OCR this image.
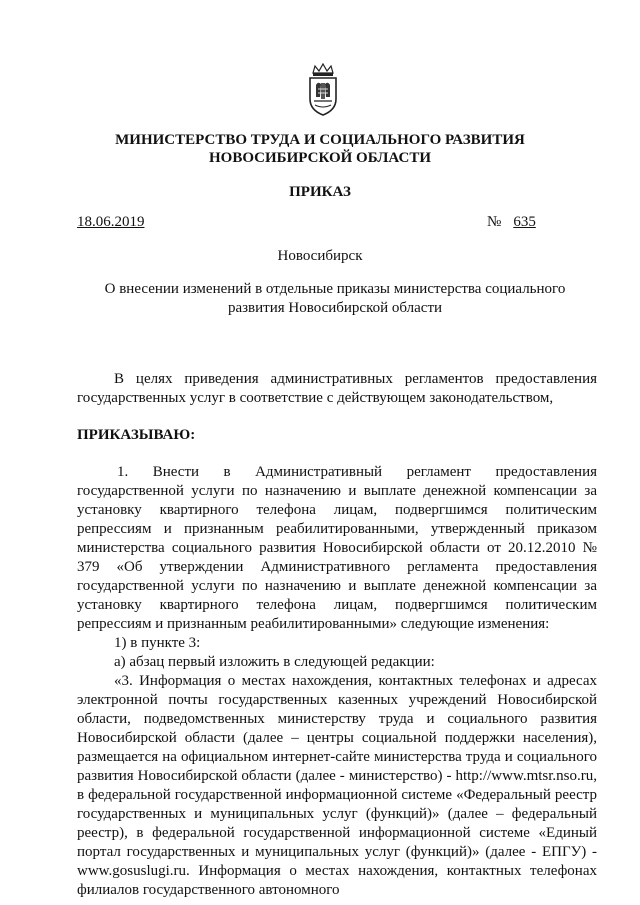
МИНИСТЕРСТВО ТРУДА И СОЦИАЛЬНОГО РАЗВИТИЯ
НОВОСИБИРСКОЙ ОБЛАСТИ
ПРИКАЗ
18.06.2019	№ 635
Новосибирск
О внесении изменений в отдельные приказы министерства социального
развития Новосибирской области

В целях приведения административных регламентов предоставления государственных услуг в соответствие с действующем законодательством,

ПРИКАЗЫВАЮ:

1. Внести в Административный регламент предоставления государственной услуги по назначению и выплате денежной компенсации за установку квартирного телефона лицам, подвергшимся политическим репрессиям и признанным реабилитированными, утвержденный приказом министерства социального развития Новосибирской области от 20.12.2010 № 379 «Об утверждении Административного регламента предоставления государственной услуги по назначению и выплате денежной компенсации за установку квартирного телефона лицам, подвергшимся политическим репрессиям и признанным реабилитированными» следующие изменения:

1) в пункте 3:

а) абзац первый изложить в следующей редакции:

«3. Информация о местах нахождения, контактных телефонах и адресах электронной почты государственных казенных учреждений Новосибирской области, подведомственных министерству труда и социального развития Новосибирской области (далее – центры социальной поддержки населения), размещается на официальном интернет-сайте министерства труда и социального развития Новосибирской области (далее - министерство) - http://www.mtsr.nso.ru, в федеральной государственной информационной системе «Федеральный реестр государственных и муниципальных услуг (функций)» (далее – федеральный реестр), в федеральной государственной информационной системе «Единый портал государственных и муниципальных услуг (функций)» (далее - ЕПГУ) - www.gosuslugi.ru. Информация о местах нахождения, контактных телефонах филиалов государственного автономного
